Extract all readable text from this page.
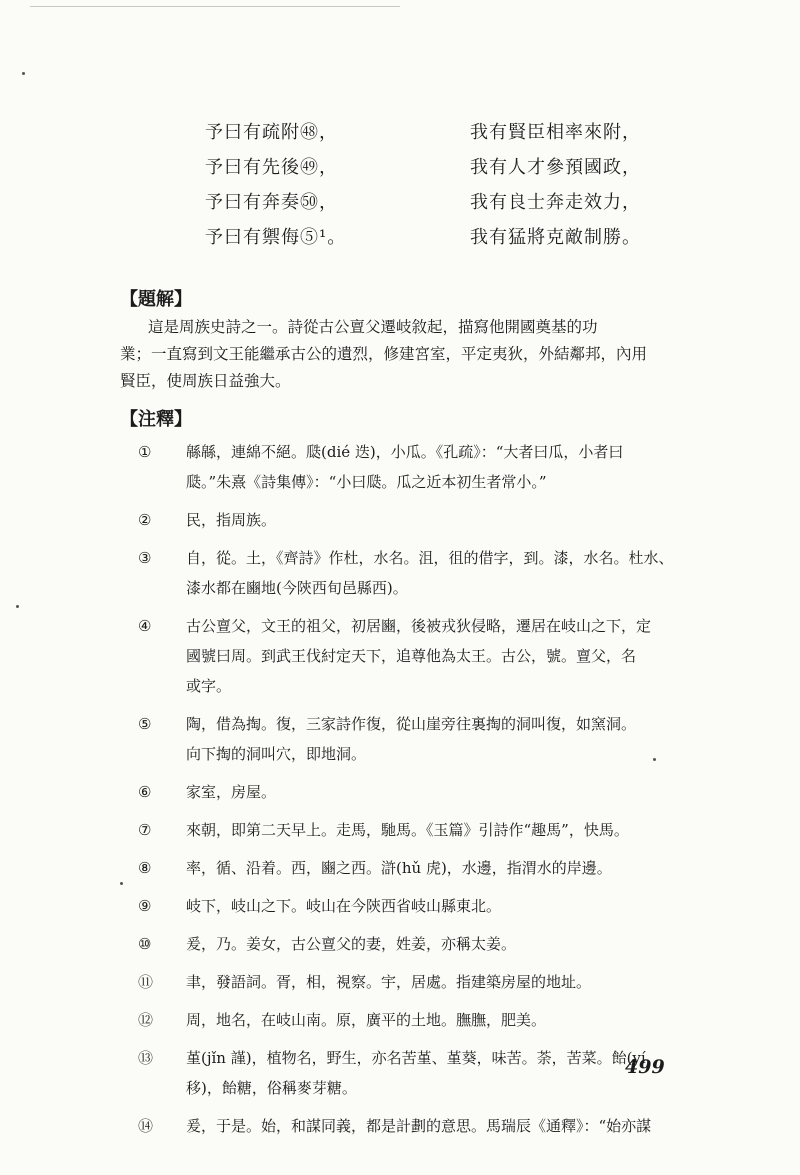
予曰有疏附㊽，	我有賢臣相率來附，
予曰有先後㊾，	我有人才參預國政，
予曰有奔奏㊿，	我有良士奔走效力，
予曰有禦侮⑤¹。	我有猛將克敵制勝。
【題解】
這是周族史詩之一。詩從古公亶父遷岐敘起，描寫他開國奠基的功
業；一直寫到文王能繼承古公的遺烈，修建宮室，平定夷狄，外結鄰邦，內用
賢臣，使周族日益強大。
【注釋】
①	緜緜，連綿不絕。瓞(dié 迭)，小瓜。《孔疏》：“大者曰瓜，小者曰
瓞。”朱熹《詩集傳》：“小曰瓞。瓜之近本初生者常小。”
②	民，指周族。
③	自，從。土，《齊詩》作杜，水名。沮，徂的借字，到。漆，水名。杜水、
漆水都在豳地(今陝西旬邑縣西)。
④	古公亶父，文王的祖父，初居豳，後被戎狄侵略，遷居在岐山之下，定
國號曰周。到武王伐紂定天下，追尊他為太王。古公，號。亶父，名
或字。
⑤	陶，借為掏。復，三家詩作復，從山崖旁往裏掏的洞叫復，如窯洞。
向下掏的洞叫穴，即地洞。
⑥	家室，房屋。
⑦	來朝，即第二天早上。走馬，馳馬。《玉篇》引詩作“趣馬”，快馬。
⑧	率，循、沿着。西，豳之西。滸(hǔ 虎)，水邊，指渭水的岸邊。
⑨	岐下，岐山之下。岐山在今陝西省岐山縣東北。
⑩	爰，乃。姜女，古公亶父的妻，姓姜，亦稱太姜。
⑪	聿，發語詞。胥，相，視察。宇，居處。指建築房屋的地址。
⑫	周，地名，在岐山南。原，廣平的土地。膴膴，肥美。
⑬	堇(jǐn 謹)，植物名，野生，亦名苦堇、堇葵，味苦。荼，苦菜。飴(yí
移)，飴糖，俗稱麥芽糖。
⑭	爰，于是。始，和謀同義，都是計劃的意思。馬瑞辰《通釋》：“始亦謀
499
